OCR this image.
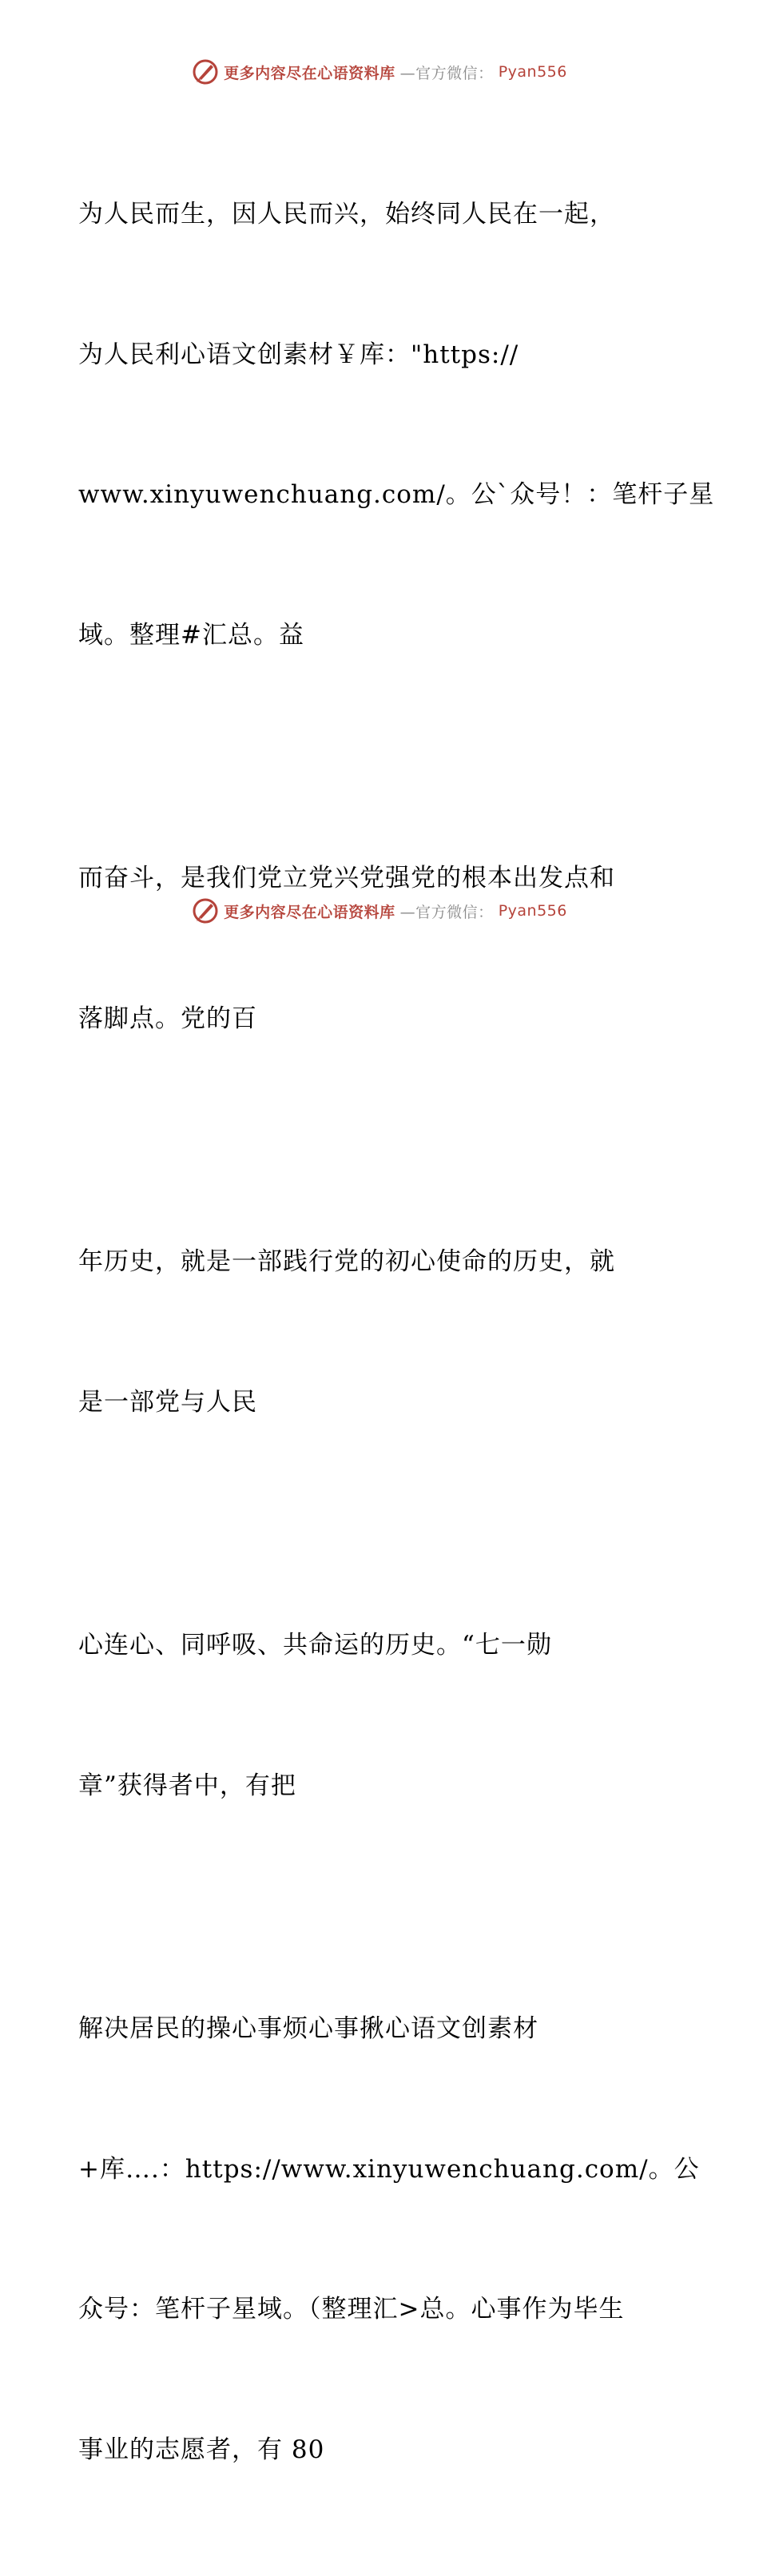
更多内容尽在心语资料库 —官方微信： Pyan556

为人民而生，因人民而兴，始终同人民在一起，

为人民利心语文创素材￥库："https://

www.xinyuwenchuang.com/。公`众号！：笔杆子星

域。整理#汇总。益

而奋斗，是我们党立党兴党强党的根本出发点和

落脚点。党的百

年历史，就是一部践行党的初心使命的历史，就

是一部党与人民

心连心、同呼吸、共命运的历史。“七一勋

章”获得者中，有把

解决居民的操心事烦心事揪心语文创素材

+库….：https://www.xinyuwenchuang.com/。公

众号：笔杆子星域。（整理汇>总。心事作为毕生

事业的志愿者，有 80

更多内容尽在心语资料库 —官方微信： Pyan556
